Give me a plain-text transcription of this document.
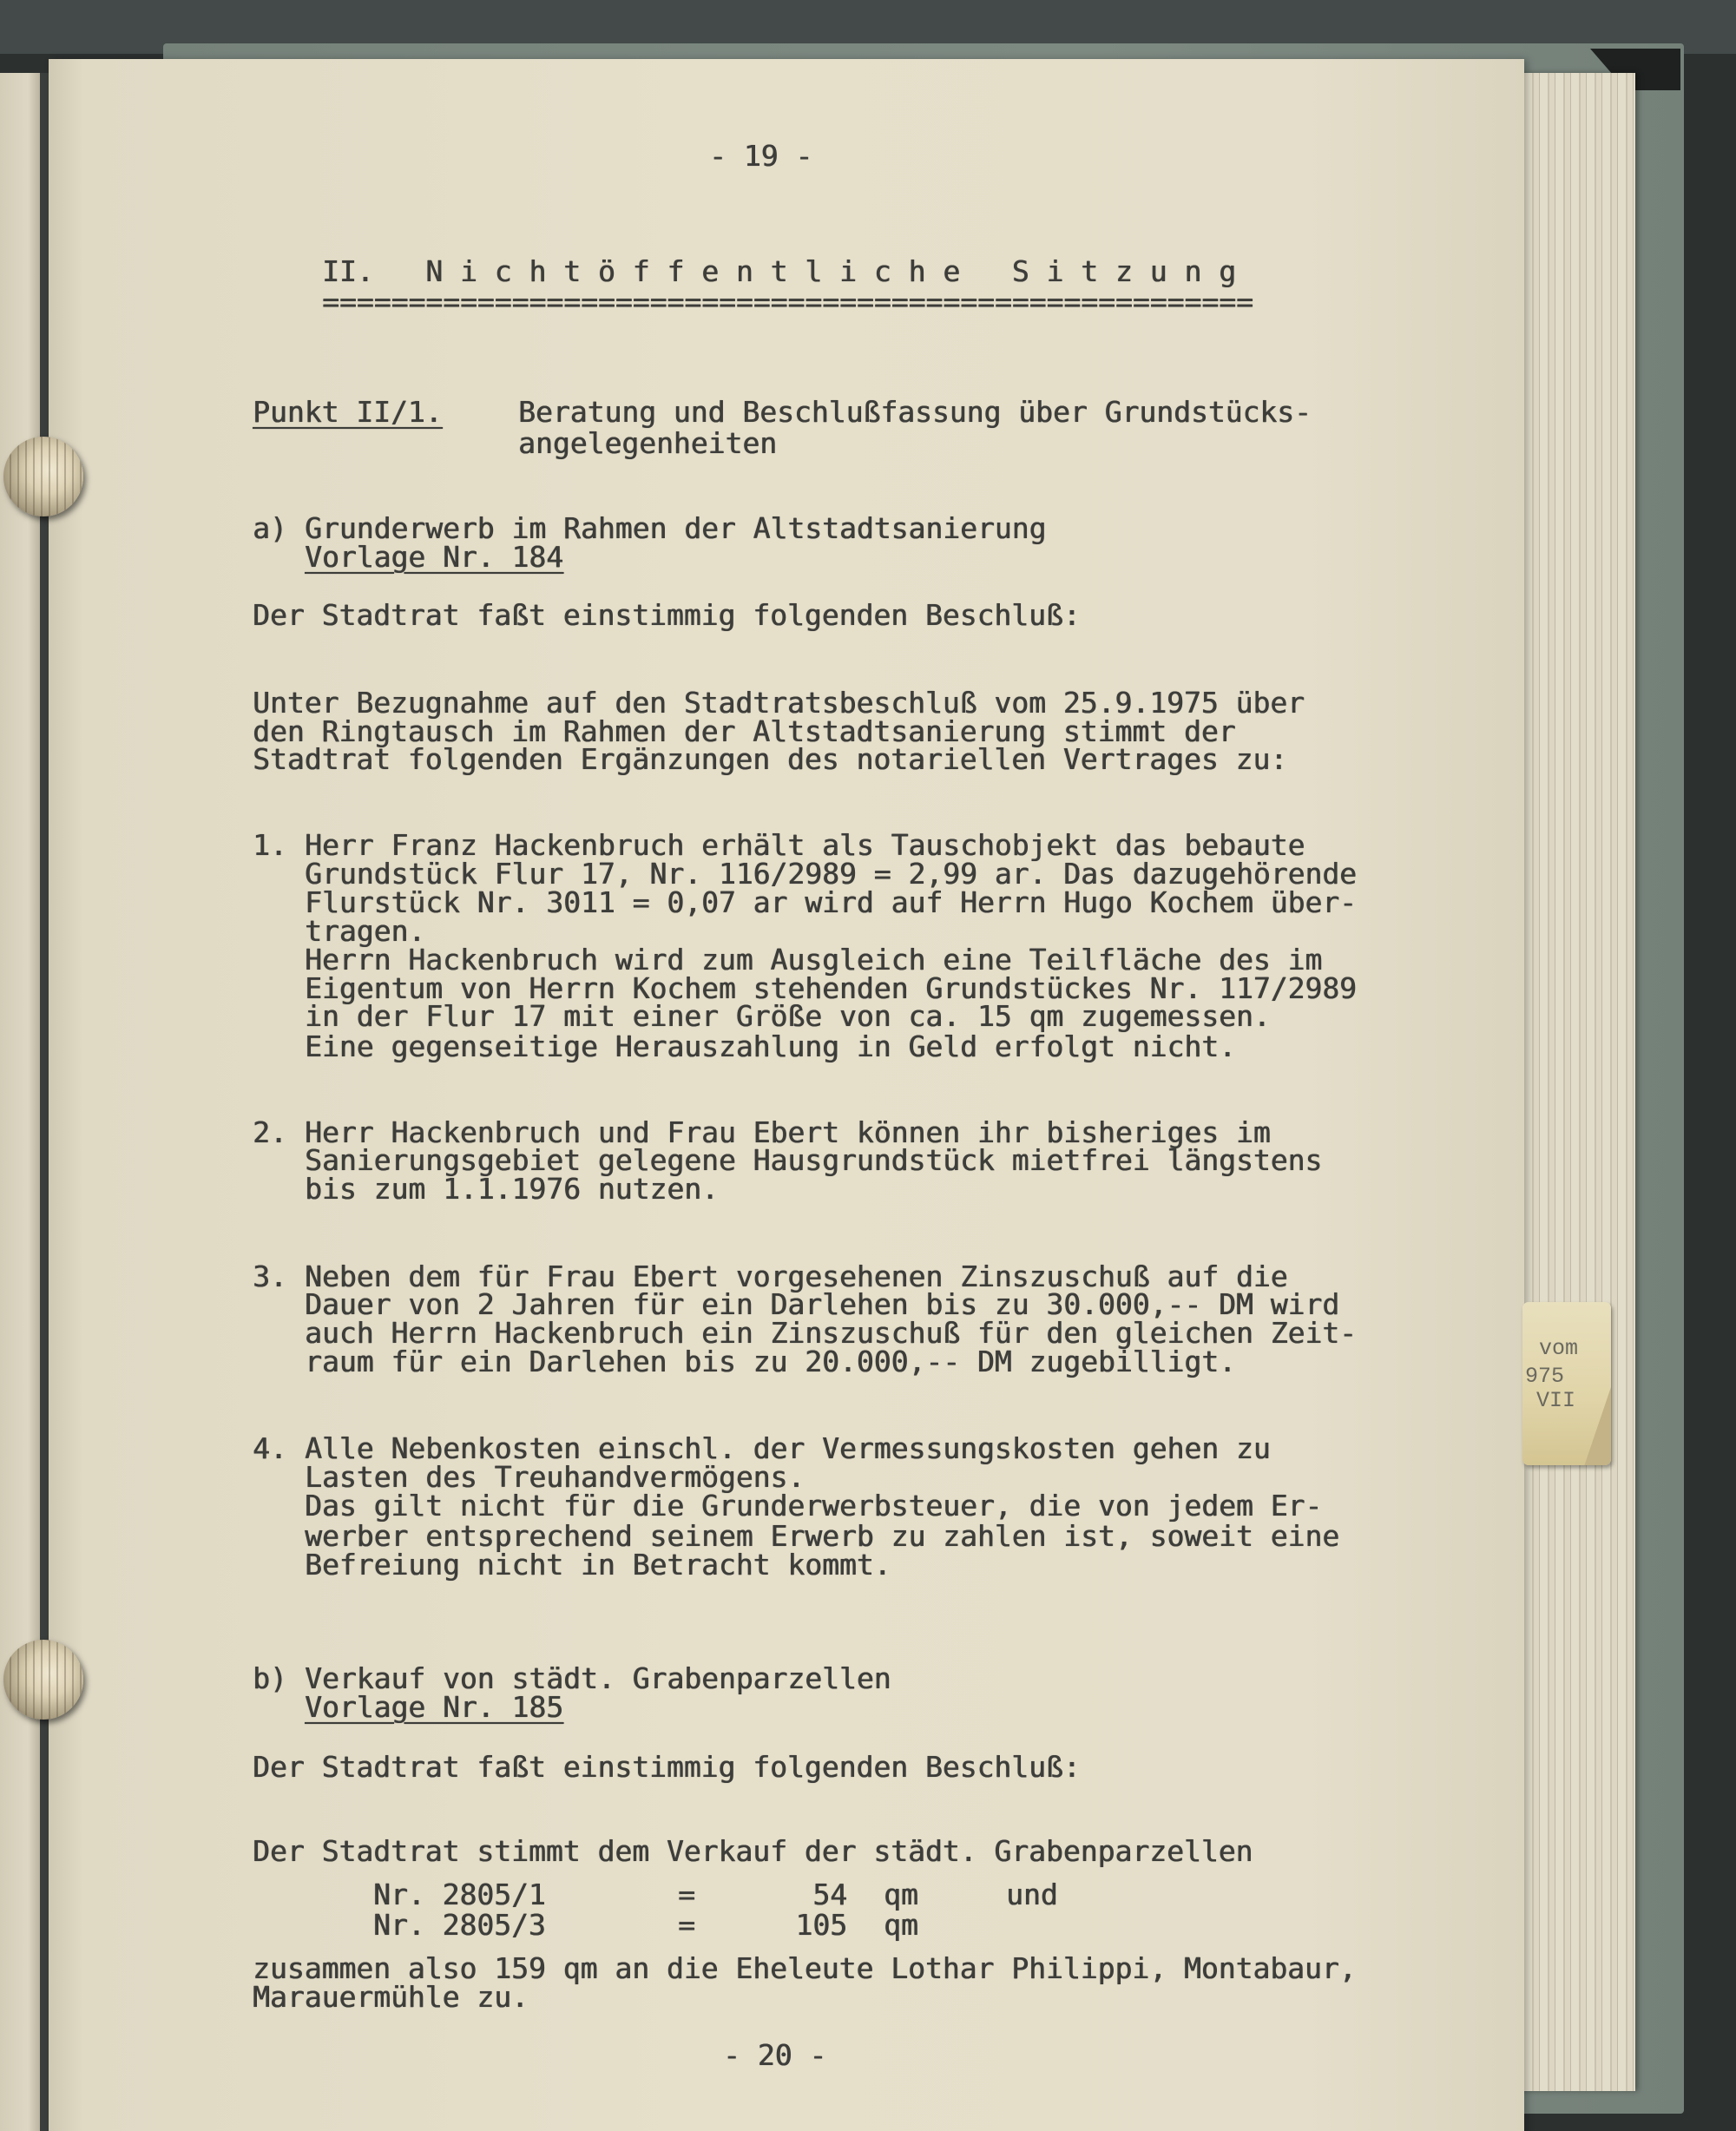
vom
975
VII
- 19 -
II.   N i c h t ö f f e n t l i c h e   S i t z u n g
======================================================
Punkt II/1.	Beratung und Beschlußfassung über Grundstücks-
angelegenheiten
a) Grunderwerb im Rahmen der Altstadtsanierung
Vorlage Nr. 184
Der Stadtrat faßt einstimmig folgenden Beschluß:
Unter Bezugnahme auf den Stadtratsbeschluß vom 25.9.1975 über
den Ringtausch im Rahmen der Altstadtsanierung stimmt der
Stadtrat folgenden Ergänzungen des notariellen Vertrages zu:
1. Herr Franz Hackenbruch erhält als Tauschobjekt das bebaute
Grundstück Flur 17, Nr. 116/2989 = 2,99 ar. Das dazugehörende
Flurstück Nr. 3011 = 0,07 ar wird auf Herrn Hugo Kochem über-
tragen.
Herrn Hackenbruch wird zum Ausgleich eine Teilfläche des im
Eigentum von Herrn Kochem stehenden Grundstückes Nr. 117/2989
in der Flur 17 mit einer Größe von ca. 15 qm zugemessen.
Eine gegenseitige Herauszahlung in Geld erfolgt nicht.
2. Herr Hackenbruch und Frau Ebert können ihr bisheriges im
Sanierungsgebiet gelegene Hausgrundstück mietfrei längstens
bis zum 1.1.1976 nutzen.
3. Neben dem für Frau Ebert vorgesehenen Zinszuschuß auf die
Dauer von 2 Jahren für ein Darlehen bis zu 30.000,-- DM wird
auch Herrn Hackenbruch ein Zinszuschuß für den gleichen Zeit-
raum für ein Darlehen bis zu 20.000,-- DM zugebilligt.
4. Alle Nebenkosten einschl. der Vermessungskosten gehen zu
Lasten des Treuhandvermögens.
Das gilt nicht für die Grunderwerbsteuer, die von jedem Er-
werber entsprechend seinem Erwerb zu zahlen ist, soweit eine
Befreiung nicht in Betracht kommt.
b) Verkauf von städt. Grabenparzellen
Vorlage Nr. 185
Der Stadtrat faßt einstimmig folgenden Beschluß:
Der Stadtrat stimmt dem Verkauf der städt. Grabenparzellen
Nr. 2805/1	=	54 qm	und
Nr. 2805/3	=	105 qm
zusammen also 159 qm an die Eheleute Lothar Philippi, Montabaur,
Marauermühle zu.
- 20 -
